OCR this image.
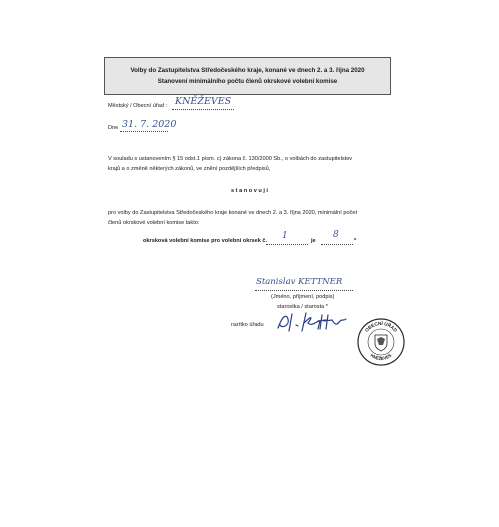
Volby do Zastupitelstva Středočeského kraje, konané ve dnech 2. a 3. října 2020
Stanovení minimálního počtu členů okrskové volební komise
Městský / Obecní úřad : KNĚŽEVES
Dne 31. 7. 2020
V souladu s ustanovením § 15 odst.1 písm. c) zákona č. 130/2000 Sb., o volbách do zastupitelstev
krajů a o změně některých zákonů, ve znění pozdějších předpisů,
s t a n o v u j i
pro volby do Zastupitelstva Středočeského kraje konané ve dnech 2. a 3. října 2020, minimální počet
členů okrskové volební komise takto:
okrsková volební komise pro volební okrsek č. 1	je
8
*
Stanislav KETTNER
(Jméno, příjmení, podpis)
starostka / starosta *
razítko úřadu
OBECNÍ ÚŘAD
KNĚŽEVES
